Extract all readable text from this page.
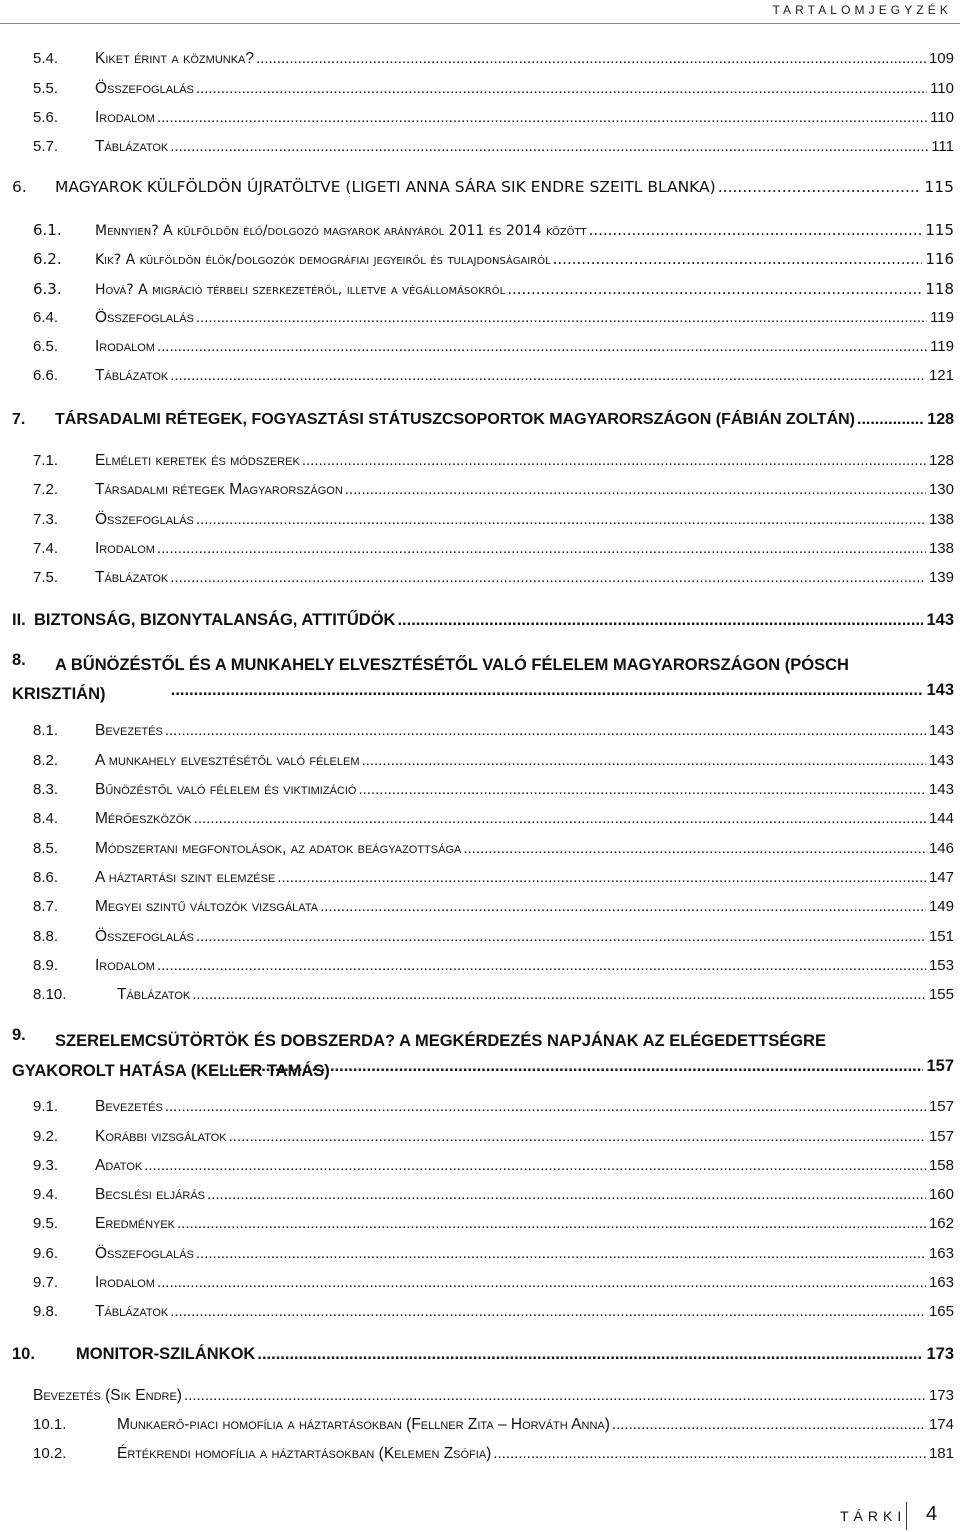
TARTALOMJEGYZÉK
5.4. Kiket érint a közmunka? .....	109
5.5. Összefoglalás .....	110
5.6. Irodalom .....	110
5.7. Táblázatok .....	111
6. MAGYAROK KÜLFÖLDÖN ÚJRATÖLTVE (LIGETI ANNA SÁRA SIK ENDRE SZEITL BLANKA) .....	115
6.1. Mennyien? A külföldön élő/dolgozó magyarok arányáról 2011 és 2014 között .....	115
6.2. Kik? A külföldön élők/dolgozók demográfiai jegyeiről és tulajdonságairól .....	116
6.3. Hová? A migráció térbeli szerkezetéről, illetve a végállomásokról .....	118
6.4. Összefoglalás .....	119
6.5. Irodalom .....	119
6.6. Táblázatok .....	121
7. TÁRSADALMI RÉTEGEK, FOGYASZTÁSI STÁTUSZCSOPORTOK MAGYARORSZÁGON (FÁBIÁN ZOLTÁN) .....	128
7.1. Elméleti keretek és módszerek .....	128
7.2. Társadalmi rétegek Magyarországon .....	130
7.3. Összefoglalás .....	138
7.4. Irodalom .....	138
7.5. Táblázatok .....	139
II. BIZTONSÁG, BIZONYTALANSÁG, ATTITŰDÖK .....	143
8.	A BŰNÖZÉSTŐL ÉS A MUNKAHELY ELVESZTÉSÉTŐL VALÓ FÉLELEM MAGYARORSZÁGON (PÓSCH KRISZTIÁN) .....	143
8.1. Bevezetés .....	143
8.2. A munkahely elvesztésétől való félelem .....	143
8.3. Bűnözéstől való félelem és viktimizáció .....	143
8.4. Mérőeszközök .....	144
8.5. Módszertani megfontolások, az adatok beágyazottsága .....	146
8.6. A háztartási szint elemzése .....	147
8.7. Megyei szintű változók vizsgálata .....	149
8.8. Összefoglalás .....	151
8.9. Irodalom .....	153
8.10.	Táblázatok .....	155
9.	SZERELEMCSÜTÖRTÖK ÉS DOBSZERDA? A MEGKÉRDEZÉS NAPJÁNAK AZ ELÉGEDETTSÉGRE GYAKOROLT HATÁSA (KELLER TAMÁS) .....	157
9.1. Bevezetés .....	157
9.2. Korábbi vizsgálatok .....	157
9.3. Adatok .....	158
9.4. Becslési eljárás .....	160
9.5. Eredmények .....	162
9.6. Összefoglalás .....	163
9.7. Irodalom .....	163
9.8. Táblázatok .....	165
10. MONITOR-SZILÁNKOK .....	173
Bevezetés (Sik Endre) .....	173
10.1.	Munkaerő-piaci homofília a háztartásokban (Fellner Zita – Horváth Anna) .....	174
10.2.	Értékrendi homofília a háztartásokban (Kelemen Zsófia) .....	181
TÁRKI 4
